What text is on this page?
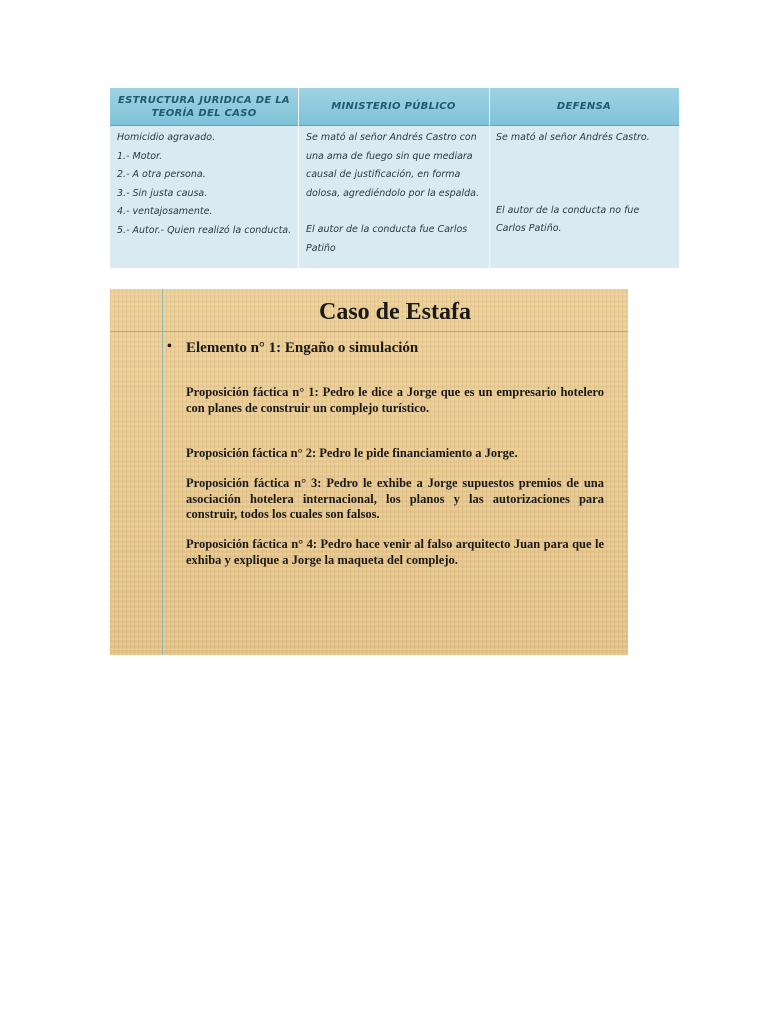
ESTRUCTURA JURIDICA DE LA TEORÍA DEL CASO
MINISTERIO PÚBLICO	DEFENSA
Homicidio agravado.
1.- Motor.
2.- A otra persona.
3.- Sin justa causa.
4.- ventajosamente.
5.- Autor.- Quien realizó la conducta.
Se mató al señor Andrés Castro con una ama de fuego sin que mediara causal de justificación, en forma dolosa, agrediéndolo por la espalda.
El autor de la conducta fue Carlos Patiño
Se mató al señor Andrés Castro.
El autor de la conducta no fue Carlos Patiño.
Caso de Estafa
• Elemento n° 1: Engaño o simulación
Proposición fáctica n° 1: Pedro le dice a Jorge que es un empresario hotelero con planes de construir un complejo turístico.
Proposición fáctica n° 2: Pedro le pide financiamiento a Jorge.
Proposición fáctica n° 3: Pedro le exhibe a Jorge supuestos premios de una asociación hotelera internacional, los planos y las autorizaciones para construir, todos los cuales son falsos.
Proposición fáctica n° 4: Pedro hace venir al falso arquitecto Juan para que le exhiba y explique a Jorge la maqueta del complejo.
